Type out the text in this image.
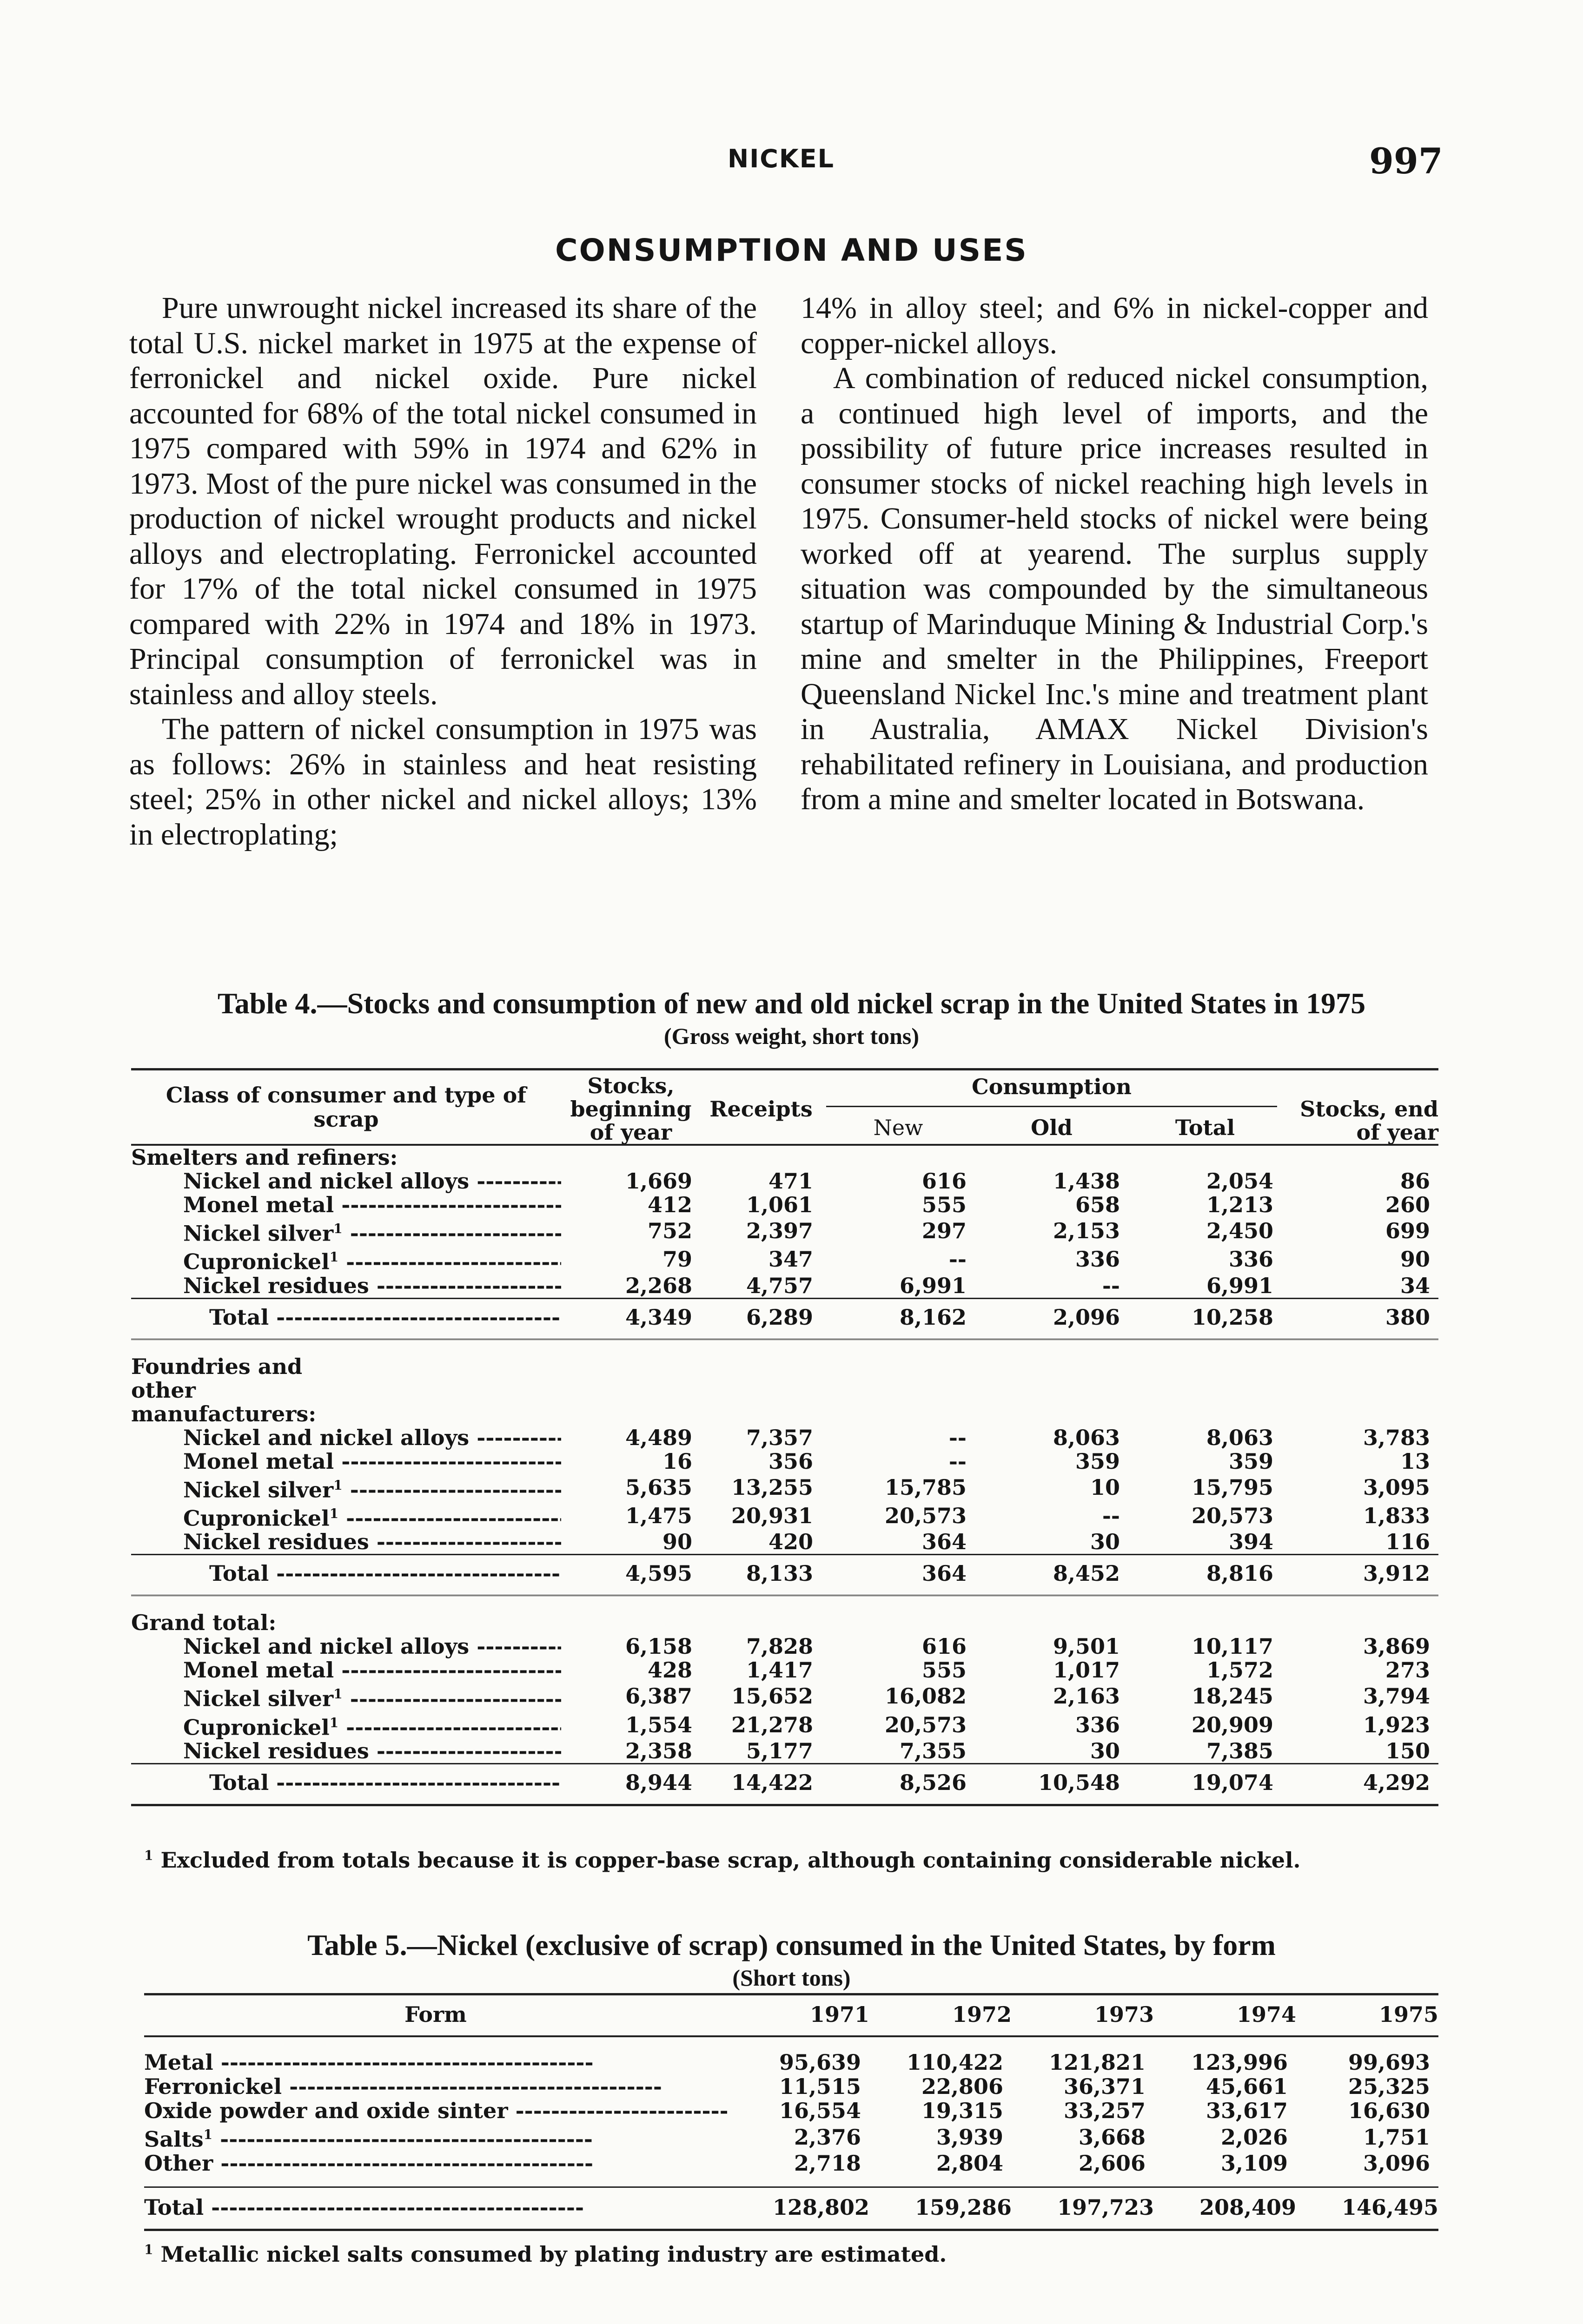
NICKEL	997
CONSUMPTION AND USES

Pure unwrought nickel increased its share of the total U.S. nickel market in 1975 at the expense of ferronickel and nickel oxide. Pure nickel accounted for 68% of the total nickel consumed in 1975 compared with 59% in 1974 and 62% in 1973. Most of the pure nickel was consumed in the production of nickel wrought products and nickel alloys and electroplating. Ferronickel accounted for 17% of the total nickel consumed in 1975 compared with 22% in 1974 and 18% in 1973. Principal consumption of ferronickel was in stainless and alloy steels.

The pattern of nickel consumption in 1975 was as follows: 26% in stainless and heat resisting steel; 25% in other nickel and nickel alloys; 13% in electroplating;

14% in alloy steel; and 6% in nickel-copper and copper-nickel alloys.

A combination of reduced nickel consumption, a continued high level of imports, and the possibility of future price increases resulted in consumer stocks of nickel reaching high levels in 1975. Consumer-held stocks of nickel were being worked off at yearend. The surplus supply situation was compounded by the simultaneous startup of Marinduque Mining & Industrial Corp.'s mine and smelter in the Philippines, Freeport Queensland Nickel Inc.'s mine and treatment plant in Australia, AMAX Nickel Division's rehabilitated refinery in Louisiana, and production from a mine and smelter located in Botswana.

Table 4.—Stocks and consumption of new and old nickel scrap in the United States in 1975
(Gross weight, short tons)
Class of consumer and type of scrap	Stocks, beginning of year	Receipts	Consumption			Stocks, end of year
			New	Old	Total	
Smelters and refiners:						
Nickel and nickel alloys -----	1,669	471	616	1,438	2,054	86
Monel metal -----	412	1,061	555	658	1,213	260
Nickel silver$^1$ -----	752	2,397	297	2,153	2,450	699
Cupronickel$^1$ -----	79	347	--	336	336	90
Nickel residues -----	2,268	4,757	6,991	--	6,991	34
Total -----	4,349	6,289	8,162	2,096	10,258	380
Foundries and other manufacturers:						
Nickel and nickel alloys -----	4,489	7,357	--	8,063	8,063	3,783
Monel metal -----	16	356	--	359	359	13
Nickel silver$^1$ -----	5,635	13,255	15,785	10	15,795	3,095
Cupronickel$^1$ -----	1,475	20,931	20,573	--	20,573	1,833
Nickel residues -----	90	420	364	30	394	116
Total -----	4,595	8,133	364	8,452	8,816	3,912
Grand total:						
Nickel and nickel alloys -----	6,158	7,828	616	9,501	10,117	3,869
Monel metal -----	428	1,417	555	1,017	1,572	273
Nickel silver$^1$ -----	6,387	15,652	16,082	2,163	18,245	3,794
Cupronickel$^1$ -----	1,554	21,278	20,573	336	20,909	1,923
Nickel residues -----	2,358	5,177	7,355	30	7,385	150
Total -----	8,944	14,422	8,526	10,548	19,074	4,292
$^1$ Excluded from totals because it is copper-base scrap, although containing considerable nickel.
Table 5.—Nickel (exclusive of scrap) consumed in the United States, by form
(Short tons)
Form	1971	1972	1973	1974	1975
Metal -----	95,639	110,422	121,821	123,996	99,693
Ferronickel -----	11,515	22,806	36,371	45,661	25,325
Oxide powder and oxide sinter -----	16,554	19,315	33,257	33,617	16,630
Salts$^1$ -----	2,376	3,939	3,668	2,026	1,751
Other -----	2,718	2,804	2,606	3,109	3,096
Total -----	128,802	159,286	197,723	208,409	146,495
$^1$ Metallic nickel salts consumed by plating industry are estimated.
